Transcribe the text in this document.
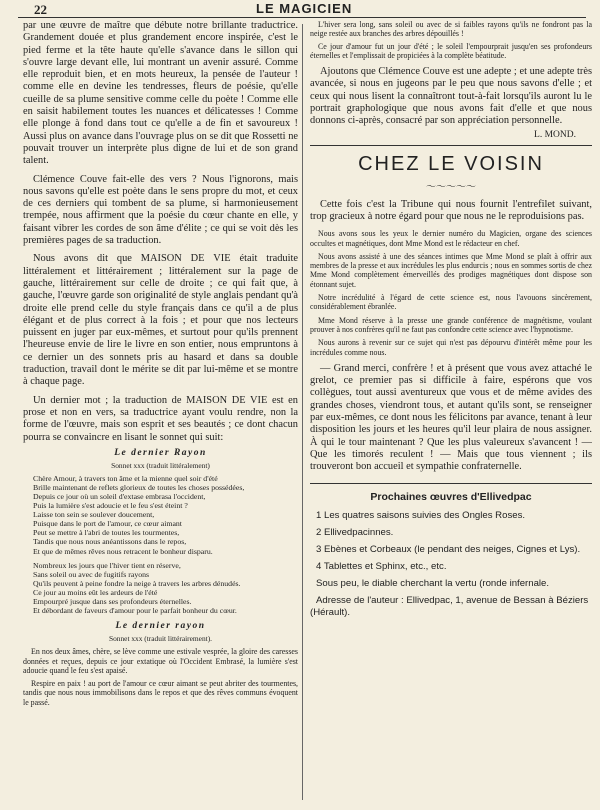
22	LE MAGICIEN

par une œuvre de maître que débute notre brillante traductrice. Grandement douée et plus grandement encore inspirée, c'est le pied ferme et la tête haute qu'elle s'avance dans le sillon qui s'ouvre large devant elle, lui montrant un avenir assuré. Comme elle reproduit bien, et en mots heureux, la pensée de l'auteur ! comme elle en devine les tendresses, fleurs de poésie, qu'elle cueille de sa plume sensitive comme celle du poète ! Comme elle en saisit habilement toutes les nuances et délicatesses ! Comme elle plonge à fond dans tout ce qu'elle a de fin et savoureux ! Aussi plus on avance dans l'ouvrage plus on se dit que Rossetti ne pouvait trouver un interprète plus digne de lui et de son grand talent.

Clémence Couve fait-elle des vers ? Nous l'ignorons, mais nous savons qu'elle est poète dans le sens propre du mot, et ceux de ces derniers qui tombent de sa plume, si harmonieusement trempée, nous affirment que la poésie du cœur chante en elle, y faisant vibrer les cordes de son âme d'élite ; ce qui se voit dès les premières pages de sa traduction.

Nous avons dit que MAISON DE VIE était traduite littéralement et littérairement ; littéralement sur la page de gauche, littérairement sur celle de droite ; ce qui fait que, à gauche, l'œuvre garde son originalité de style anglais pendant qu'à droite elle prend celle du style français dans ce qu'il a de plus élégant et de plus correct à la fois ; et pour que nos lecteurs puissent en juger par eux-mêmes, et surtout pour qu'ils prennent l'heureuse envie de lire le livre en son entier, nous empruntons à ce dernier un des sonnets pris au hasard et dans sa double traduction, travail dont le mérite se dit par lui-même et se montre à chaque page.

Un dernier mot ; la traduction de MAISON DE VIE est en prose et non en vers, sa traductrice ayant voulu rendre, non la forme de l'œuvre, mais son esprit et ses beautés ; ce dont chacun pourra se convaincre en lisant le sonnet qui suit:

Le dernier Rayon
Sonnet xxx (traduit littéralement)
Chère Amour, à travers ton âme et la mienne quel soir d'été
Brille maintenant de reflets glorieux de toutes les choses possédées,
Depuis ce jour où un soleil d'extase embrasa l'occident,
Puis la lumière s'est adoucie et le feu s'est éteint ?
Laisse ton sein se soulever doucement,
Puisque dans le port de l'amour, ce cœur aimant
Peut se mettre à l'abri de toutes les tourmentes,
Tandis que nous nous anéantissons dans le repos,
Et que de mêmes rêves nous retracent le bonheur disparu.
Nombreux les jours que l'hiver tient en réserve,
Sans soleil ou avec de fugitifs rayons
Qu'ils peuvent à peine fondre la neige à travers les arbres dénudés.
Ce jour au moins eût les ardeurs de l'été
Empourpré jusque dans ses profondeurs éternelles.
Et débordant de faveurs d'amour pour le parfait bonheur du cœur.
Le dernier rayon
Sonnet xxx (traduit littérairement).

En nos deux âmes, chère, se lève comme une estivale vesprée, la gloire des caresses données et reçues, depuis ce jour extatique où l'Occident Embrasé, la lumière s'est adoucie quand le feu s'est apaisé.

Respire en paix ! au port de l'amour ce cœur aimant se peut abriter des tourmentes, tandis que nous nous immobilisons dans le repos et que des rêves communs évoquent le passé.

L'hiver sera long, sans soleil ou avec de si faibles rayons qu'ils ne fondront pas la neige restée aux branches des arbres dépouillés !

Ce jour d'amour fut un jour d'été ; le soleil l'empourprait jusqu'en ses profondeurs éternelles et l'emplissait de propiciées à la complète béatitude.

Ajoutons que Clémence Couve est une adepte ; et une adepte très avancée, si nous en jugeons par le peu que nous savons d'elle ; et ceux qui nous lisent la connaîtront tout-à-fait lorsqu'ils auront lu le portrait graphologique que nous avons fait d'elle et que nous donnons ci-après, consacré par son appréciation personnelle.

L. MOND.
CHEZ LE VOISIN
〜〜〜〜〜

Cette fois c'est la Tribune qui nous fournit l'entrefilet suivant, trop gracieux à notre égard pour que nous ne le reproduisions pas.

Nous avons sous les yeux le dernier numéro du Magicien, organe des sciences occultes et magnétiques, dont Mme Mond est le rédacteur en chef.

Nous avons assisté à une des séances intimes que Mme Mond se plaît à offrir aux membres de la presse et aux incrédules les plus endurcis ; nous en sommes sortis de chez Mme Mond complètement émerveillés des prodiges magnétiques dont dispose son étonnant sujet.

Notre incrédulité à l'égard de cette science est, nous l'avouons sincèrement, considérablement ébranlée.

Mme Mond réserve à la presse une grande conférence de magnétisme, voulant prouver à nos confrères qu'il ne faut pas confondre cette science avec l'hypnotisme.

Nous aurons à revenir sur ce sujet qui n'est pas dépourvu d'intérêt même pour les incrédules comme nous.

— Grand merci, confrère ! et à présent que vous avez attaché le grelot, ce premier pas si difficile à faire, espérons que vos collègues, tout aussi aventureux que vous et de même avides des grandes choses, viendront tous, et autant qu'ils sont, se renseigner par eux-mêmes, ce dont nous les félicitons par avance, tenant à leur disposition les jours et les heures qu'il leur plaira de nous assigner. À qui le tour maintenant ? Que les plus valeureux s'avancent ! — Que les timorés reculent ! — Mais que tous viennent ; ils trouveront bon accueil et sympathie confraternelle.

Prochaines œuvres d'Ellivedpac
1 Les quatres saisons suivies des Ongles Roses.
2 Ellivedpacinnes.
3 Ebènes et Corbeaux (le pendant des neiges, Cignes et Lys).
4 Tablettes et Sphinx, etc., etc.
Sous peu, le diable cherchant la vertu (ronde infernale.
Adresse de l'auteur : Ellivedpac, 1, avenue de Bessan à Béziers (Hérault).
